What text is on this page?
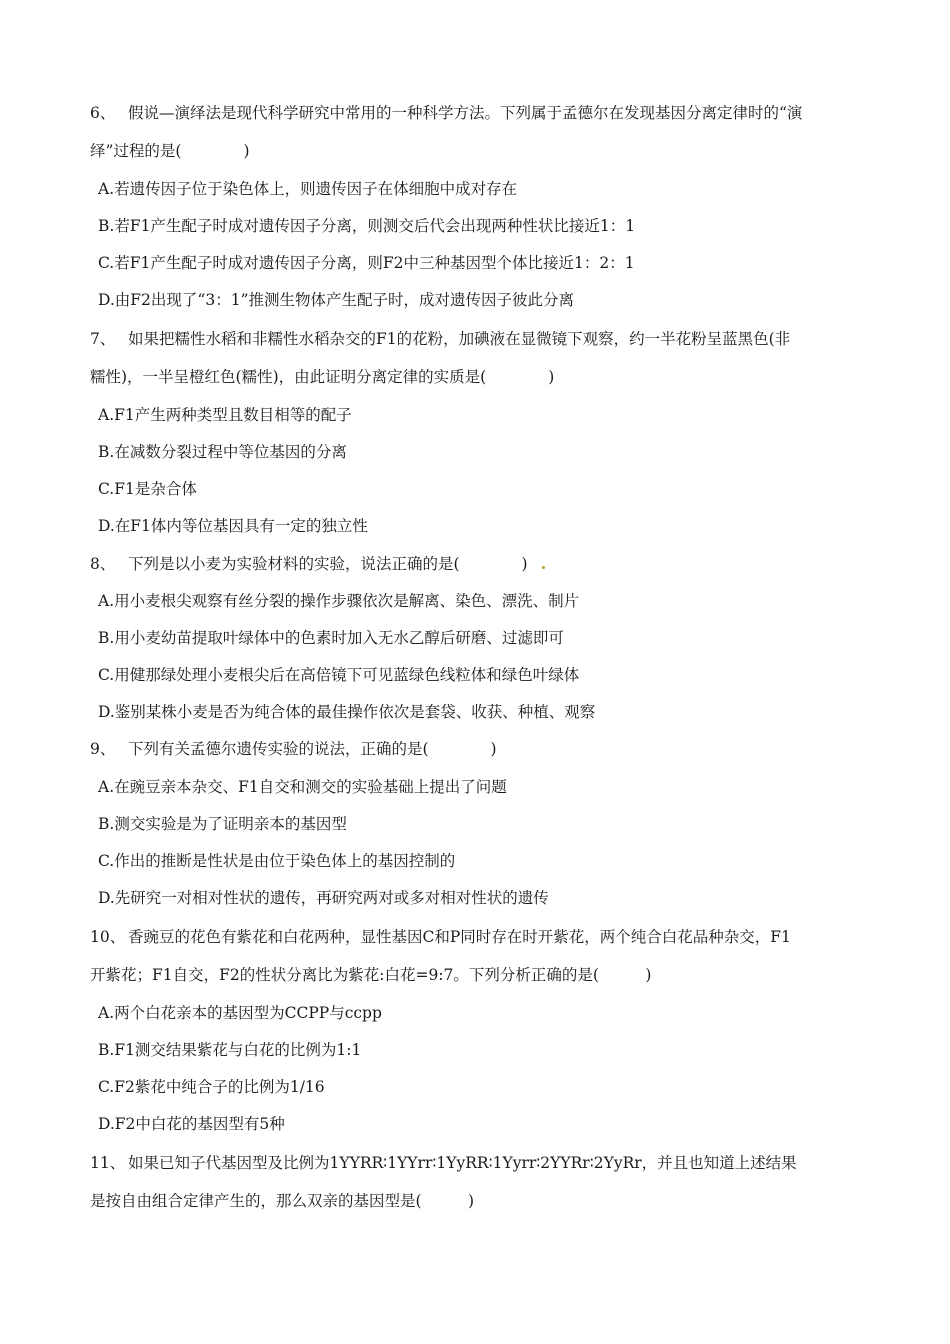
6、 假说—演绎法是现代科学研究中常用的一种科学方法。下列属于孟德尔在发现基因分离定律时的“演
绎”过程的是(　　　　)
A.若遗传因子位于染色体上，则遗传因子在体细胞中成对存在
B.若F1产生配子时成对遗传因子分离，则测交后代会出现两种性状比接近1：1
C.若F1产生配子时成对遗传因子分离，则F2中三种基因型个体比接近1：2：1
D.由F2出现了“3：1”推测生物体产生配子时，成对遗传因子彼此分离
7、 如果把糯性水稻和非糯性水稻杂交的F1的花粉，加碘液在显微镜下观察，约一半花粉呈蓝黑色(非
糯性)，一半呈橙红色(糯性)，由此证明分离定律的实质是(　　　　)
A.F1产生两种类型且数目相等的配子
B.在减数分裂过程中等位基因的分离
C.F1是杂合体
D.在F1体内等位基因具有一定的独立性
8、 下列是以小麦为实验材料的实验，说法正确的是(　　　　)
A.用小麦根尖观察有丝分裂的操作步骤依次是解离、染色、漂洗、制片
B.用小麦幼苗提取叶绿体中的色素时加入无水乙醇后研磨、过滤即可
C.用健那绿处理小麦根尖后在高倍镜下可见蓝绿色线粒体和绿色叶绿体
D.鉴别某株小麦是否为纯合体的最佳操作依次是套袋、收获、种植、观察
9、 下列有关孟德尔遗传实验的说法，正确的是(　　　　)
A.在豌豆亲本杂交、F1自交和测交的实验基础上提出了问题
B.测交实验是为了证明亲本的基因型
C.作出的推断是性状是由位于染色体上的基因控制的
D.先研究一对相对性状的遗传，再研究两对或多对相对性状的遗传
10、 香豌豆的花色有紫花和白花两种，显性基因C和P同时存在时开紫花，两个纯合白花品种杂交，F1
开紫花；F1自交，F2的性状分离比为紫花:白花=9:7。下列分析正确的是(　　　)
A.两个白花亲本的基因型为CCPP与ccpp
B.F1测交结果紫花与白花的比例为1:1
C.F2紫花中纯合子的比例为1/16
D.F2中白花的基因型有5种
11、 如果已知子代基因型及比例为1YYRR∶1YYrr∶1YyRR∶1Yyrr∶2YYRr∶2YyRr，并且也知道上述结果
是按自由组合定律产生的，那么双亲的基因型是(　　　)
